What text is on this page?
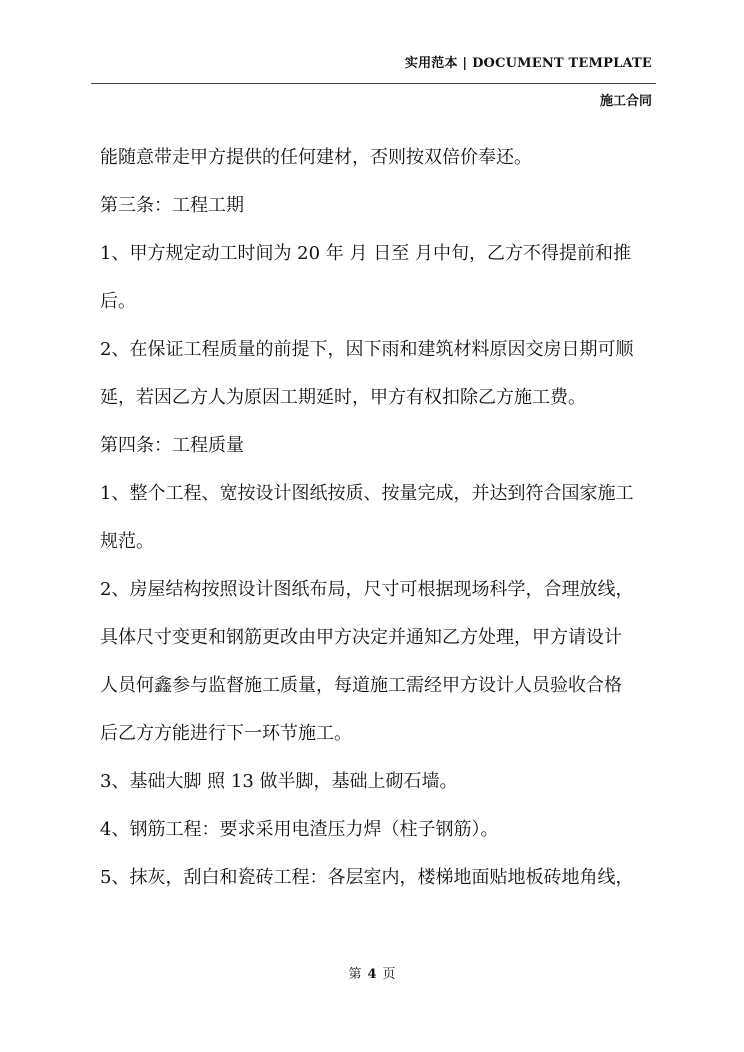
实用范本 | DOCUMENT TEMPLATE
施工合同
能随意带走甲方提供的任何建材，否则按双倍价奉还。
第三条：工程工期
1、甲方规定动工时间为 20 年 月 日至 月中旬，乙方不得提前和推
后。
2、在保证工程质量的前提下，因下雨和建筑材料原因交房日期可顺
延，若因乙方人为原因工期延时，甲方有权扣除乙方施工费。
第四条：工程质量
1、整个工程、宽按设计图纸按质、按量完成，并达到符合国家施工
规范。
2、房屋结构按照设计图纸布局，尺寸可根据现场科学，合理放线，
具体尺寸变更和钢筋更改由甲方决定并通知乙方处理，甲方请设计
人员何鑫参与监督施工质量，每道施工需经甲方设计人员验收合格
后乙方方能进行下一环节施工。
3、基础大脚 照 13 做半脚，基础上砌石墙。
4、钢筋工程：要求采用电渣压力焊（柱子钢筋）。
5、抹灰，刮白和瓷砖工程：各层室内，楼梯地面贴地板砖地角线，
第 4 页
